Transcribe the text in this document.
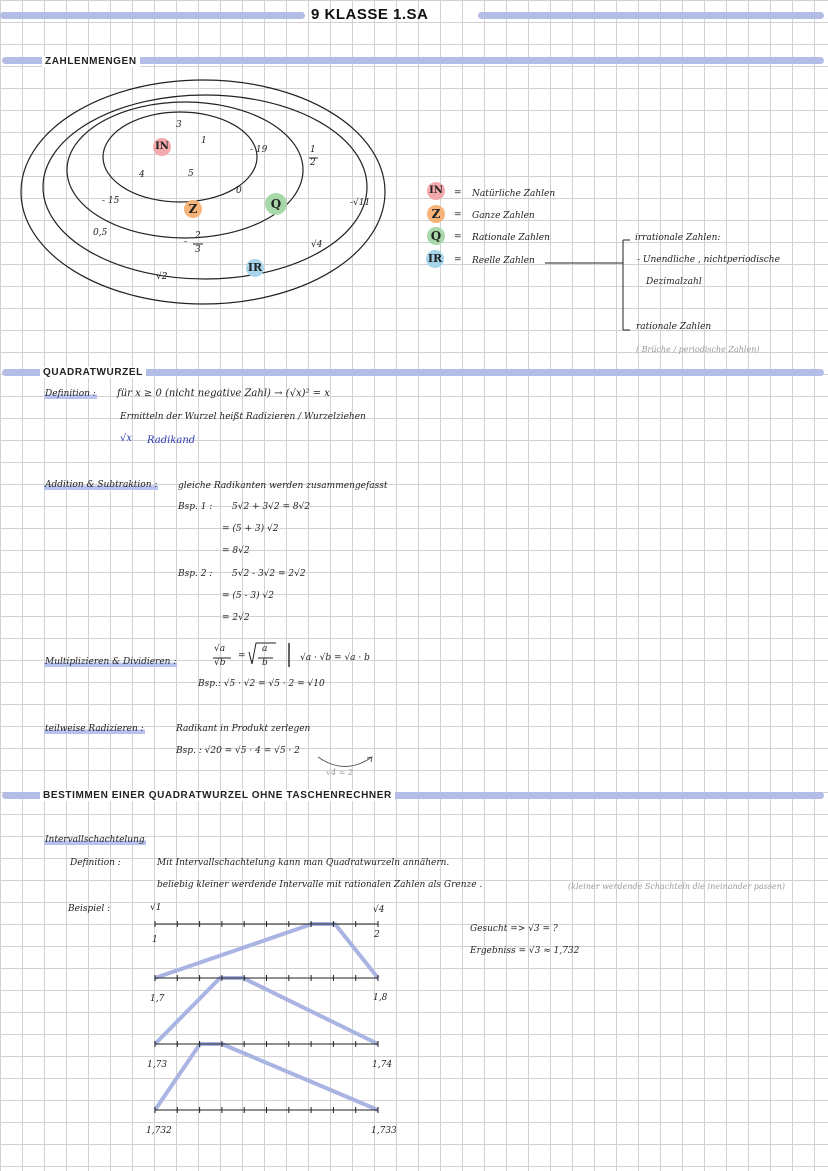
9 KLASSE 1.SA
ZAHLENMENGEN
IN
Z	Q
IR
3
1
4	5
- 19
0
- 15
1
2
-
2
3
0,5
-√11
√4
√2
IN = Natürliche Zahlen
Z	= Ganze Zahlen
Q	= Rationale Zahlen
IR = Reelle Zahlen
irrationale Zahlen:
- Unendliche , nichtperiodische
Dezimalzahl
rationale Zahlen
( Brüche / periodische Zahlen)
QUADRATWURZEL
Definition : für x ≥ 0 (nicht negative Zahl) → (√x)² = x
Ermitteln der Wurzel heißt Radizieren / Wurzelziehen
√x Radikand
Addition & Subtraktion : gleiche Radikanten werden zusammengefasst
Bsp. 1 : 5√2 + 3√2 = 8√2
= (5 + 3) √2
= 8√2
Bsp. 2 : 5√2 - 3√2 = 2√2
= (5 - 3) √2
= 2√2
Multiplizieren & Dividieren :
√a
√b
=
a
b	√a · √b = √a · b
Bsp.: √5 · √2 = √5 · 2 = √10
teilweise Radizieren :	Radikant in Produkt zerlegen
Bsp. : √20 = √5 · 4 = √5 · 2
√4 = 2
BESTIMMEN EINER QUADRATWURZEL OHNE TASCHENRECHNER
Intervallschachtelung
Definition :	Mit Intervallschachtelung kann man Quadratwurzeln annähern.
beliebig kleiner werdende Intervalle mit rationalen Zahlen als Grenze .	(kleiner werdende Schachteln die ineinander passen)
Beispiel :	√1	√4
Gesucht => √3 = ?
Ergebniss = √3 ≈ 1,732
1	2
1,7	1,8
1,73	1,74
1,732	1,733
